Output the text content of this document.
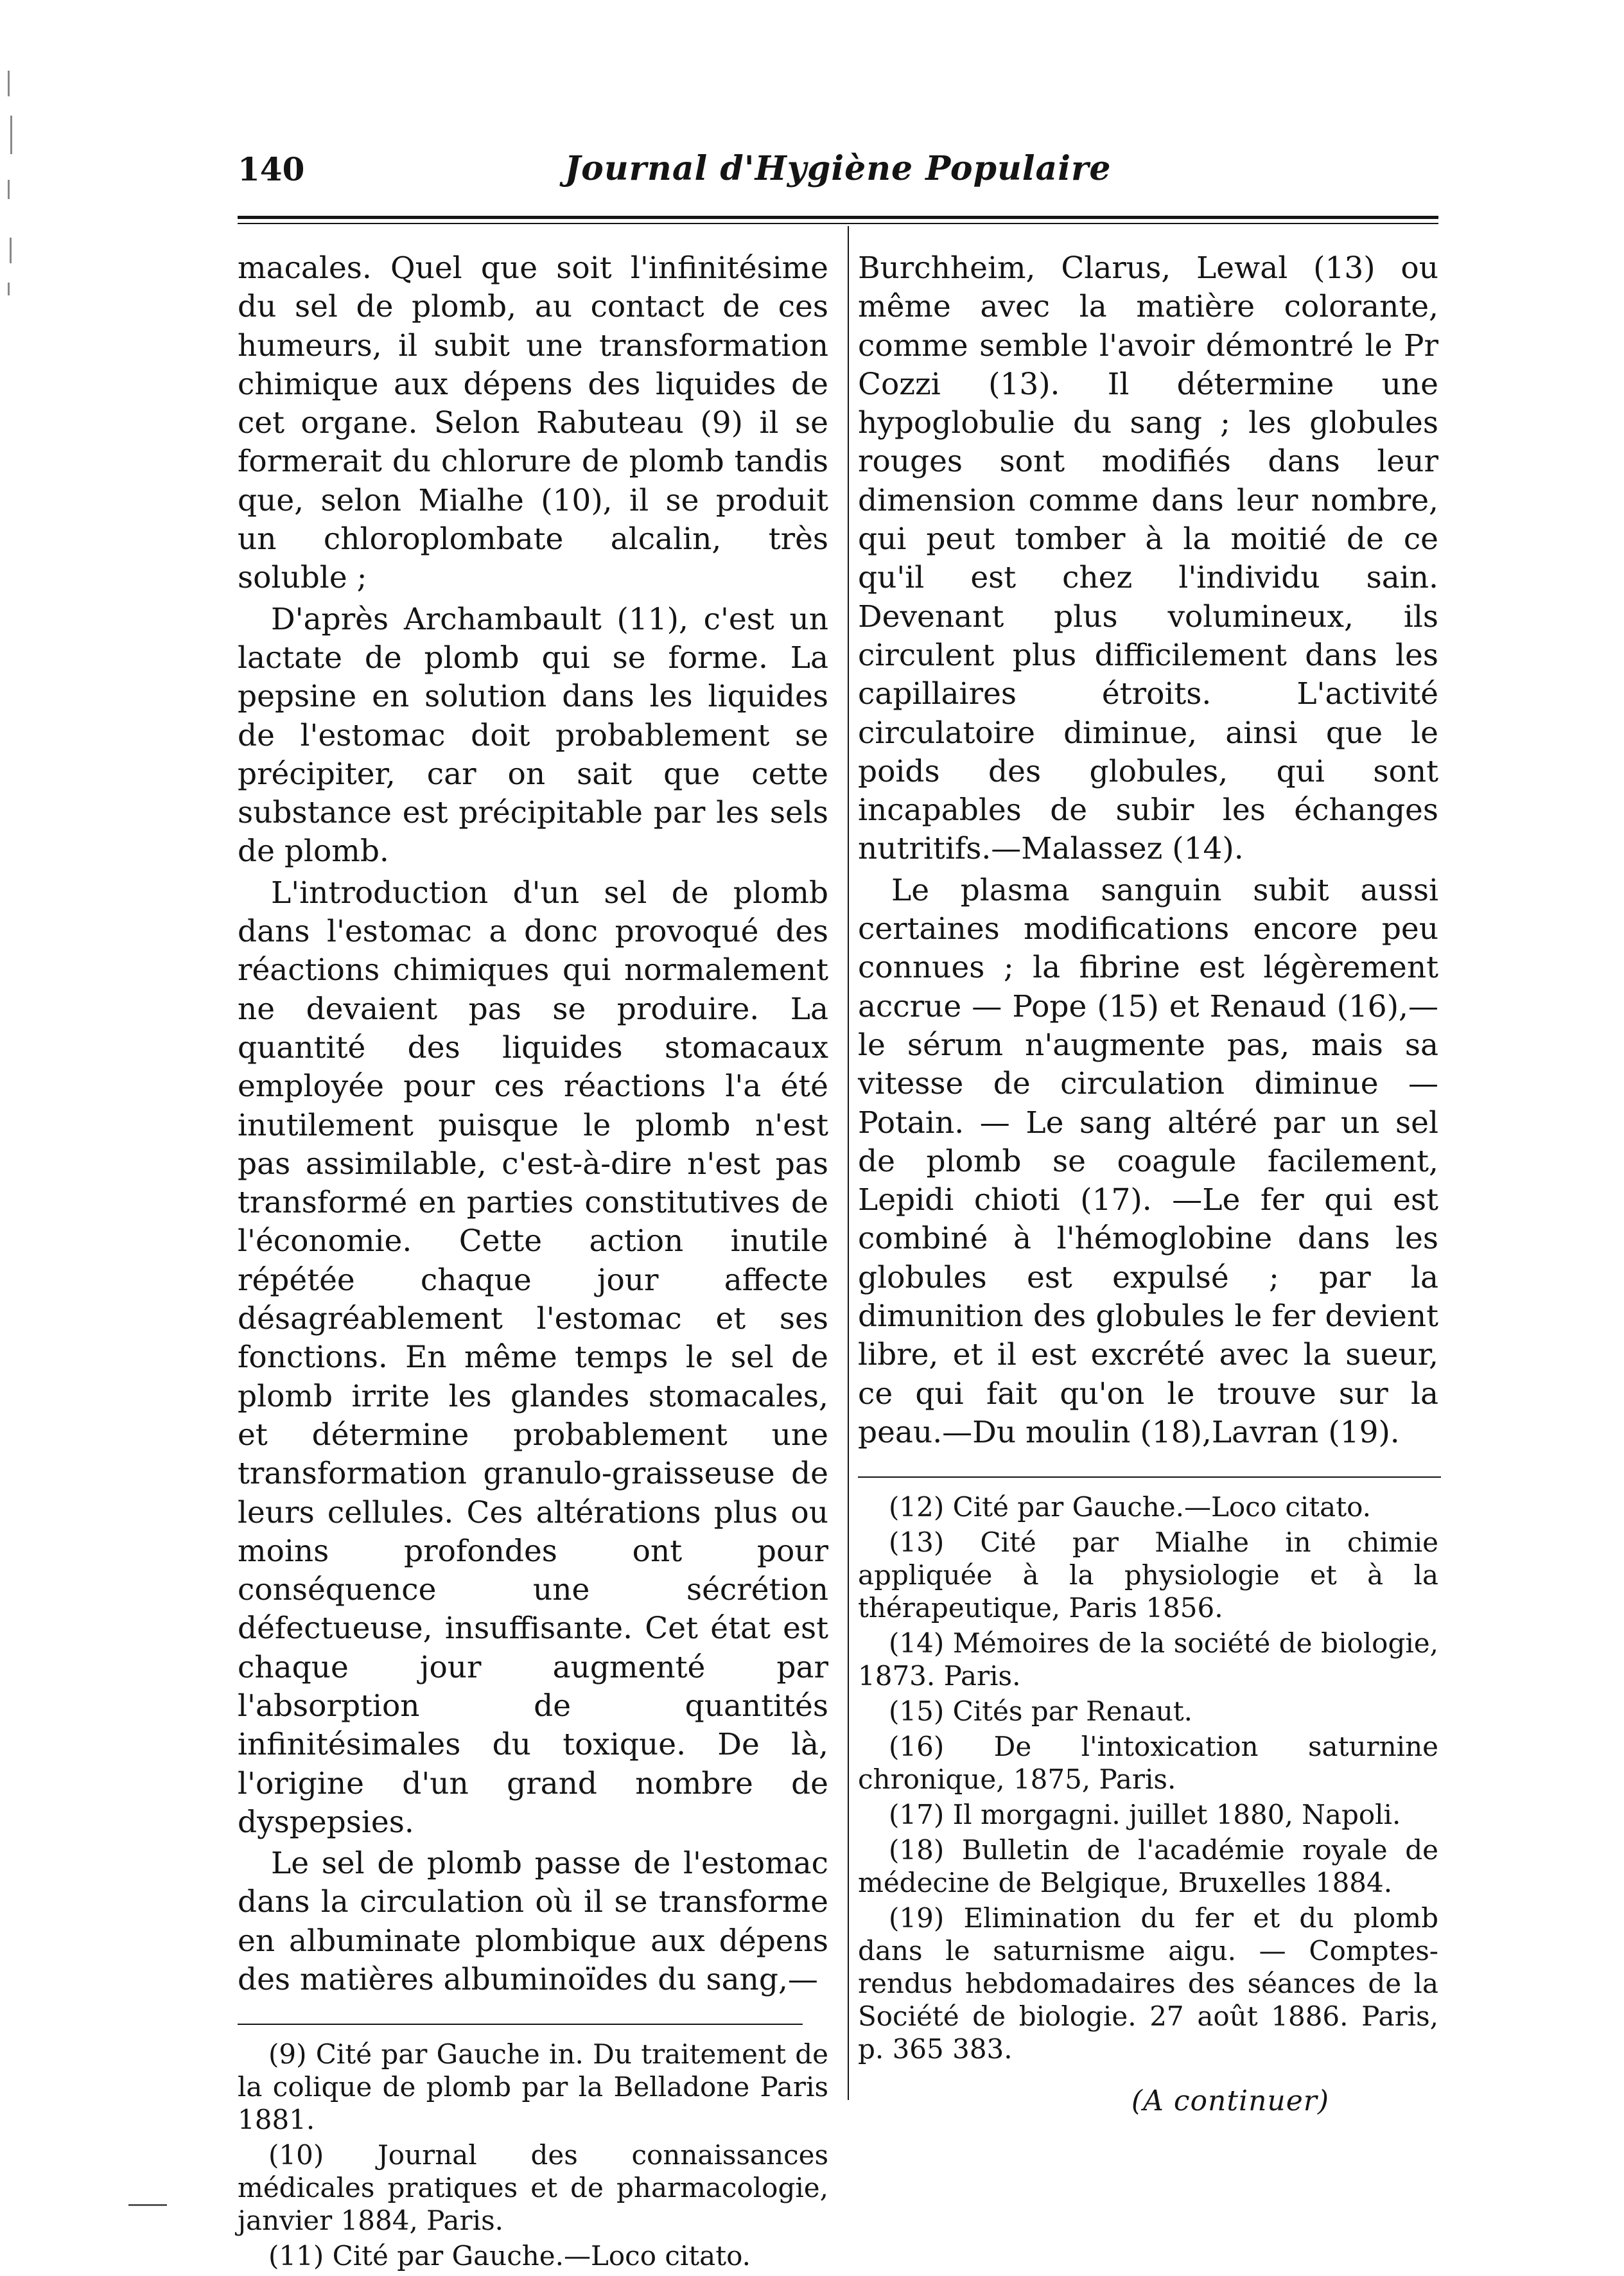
140	Journal d'Hygiène Populaire

macales. Quel que soit l'infinitésime du sel de plomb, au contact de ces humeurs, il subit une transformation chimique aux dépens des liquides de cet organe. Selon Rabuteau (9) il se formerait du chlorure de plomb tandis que, selon Mialhe (10), il se produit un chloroplombate alcalin, très soluble ;

D'après Archambault (11), c'est un lactate de plomb qui se forme. La pepsine en solution dans les liquides de l'estomac doit probablement se précipiter, car on sait que cette substance est précipitable par les sels de plomb.

L'introduction d'un sel de plomb dans l'estomac a donc provoqué des réactions chimiques qui normalement ne devaient pas se produire. La quantité des liquides stomacaux employée pour ces réactions l'a été inutilement puisque le plomb n'est pas assimilable, c'est-à-dire n'est pas transformé en parties constitutives de l'économie. Cette action inutile répétée chaque jour affecte désagréablement l'estomac et ses fonctions. En même temps le sel de plomb irrite les glandes stomacales, et détermine probablement une transformation granulo-graisseuse de leurs cellules. Ces altérations plus ou moins profondes ont pour conséquence une sécrétion défectueuse, insuffisante. Cet état est chaque jour augmenté par l'absorption de quantités infinitésimales du toxique. De là, l'origine d'un grand nombre de dyspepsies.

Le sel de plomb passe de l'estomac dans la circulation où il se transforme en albuminate plombique aux dépens des matières albuminoïdes du sang,—

(9) Cité par Gauche in. Du traitement de la colique de plomb par la Belladone Paris 1881.

(10) Journal des connaissances médicales pratiques et de pharmacologie, janvier 1884, Paris.

(11) Cité par Gauche.—Loco citato.

Burchheim, Clarus, Lewal (13) ou même avec la matière colorante, comme semble l'avoir démontré le Pr Cozzi (13). Il détermine une hypoglobulie du sang ; les globules rouges sont modifiés dans leur dimension comme dans leur nombre, qui peut tomber à la moitié de ce qu'il est chez l'individu sain. Devenant plus volumineux, ils circulent plus difficilement dans les capillaires étroits. L'activité circulatoire diminue, ainsi que le poids des globules, qui sont incapables de subir les échanges nutritifs.—Malassez (14).

Le plasma sanguin subit aussi certaines modifications encore peu connues ; la fibrine est légèrement accrue — Pope (15) et Renaud (16),—le sérum n'augmente pas, mais sa vitesse de circulation diminue — Potain. — Le sang altéré par un sel de plomb se coagule facilement, Lepidi chioti (17). —Le fer qui est combiné à l'hémoglobine dans les globules est expulsé ; par la dimunition des globules le fer devient libre, et il est excrété avec la sueur, ce qui fait qu'on le trouve sur la peau.—Du moulin (18),Lavran (19).

(12) Cité par Gauche.—Loco citato.

(13) Cité par Mialhe in chimie appliquée à la physiologie et à la thérapeutique, Paris 1856.

(14) Mémoires de la société de biologie, 1873. Paris.

(15) Cités par Renaut.

(16) De l'intoxication saturnine chronique, 1875, Paris.

(17) Il morgagni. juillet 1880, Napoli.

(18) Bulletin de l'académie royale de médecine de Belgique, Bruxelles 1884.

(19) Elimination du fer et du plomb dans le saturnisme aigu. — Comptes-rendus hebdomadaires des séances de la Société de biologie. 27 août 1886. Paris, p. 365 383.

(A continuer)
